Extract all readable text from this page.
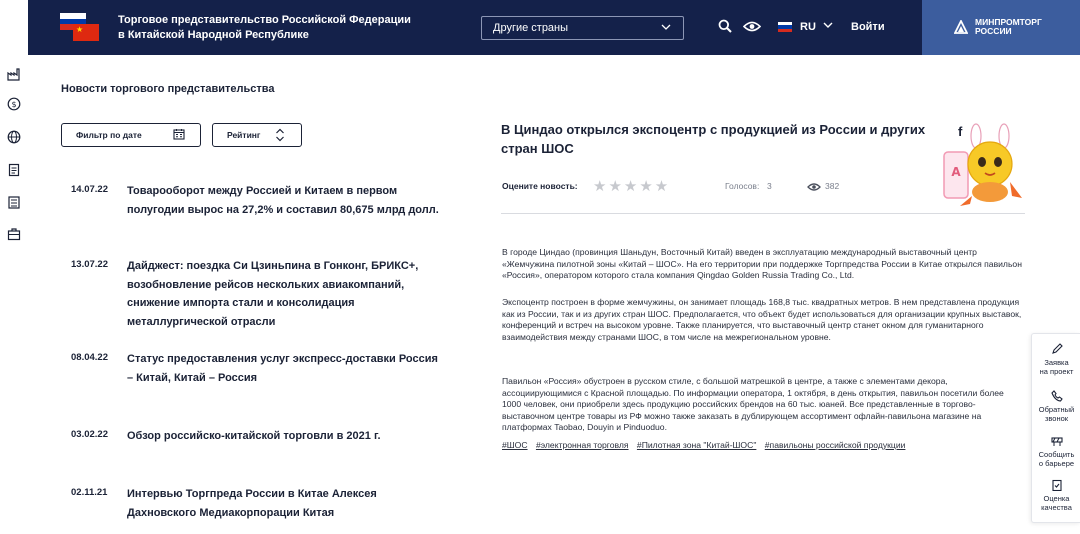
★
Торговое представительство Российской Федерации в Китайской Народной Республике
Другие страны	RU	Войти	МИНПРОМТОРГ
РОССИИ
$
Новости торгового представительства
Фильтр по дате	Рейтинг
14.07.22 Товарооборот между Россией и Китаем в первом полугодии вырос на 27,2% и составил 80,675 млрд долл.
13.07.22 Дайджест: поездка Си Цзиньпина в Гонконг, БРИКС+, возобновление рейсов нескольких авиакомпаний, снижение импорта стали и консолидация металлургической отрасли
08.04.22 Статус предоставления услуг экспресс-доставки Россия – Китай, Китай – Россия
03.02.22 Обзор российско-китайской торговли в 2021 г.
02.11.21 Интервью Торгпреда России в Китае Алексея Дахновского Медиакорпорации Китая
В Циндао открылся экспоцентр с продукцией из России и других стран ШОС
f
A
Оцените новость: ★★★★★	Голосов: 3	382
В городе Циндао (провинция Шаньдун, Восточный Китай) введен в эксплуатацию международный выставочный центр «Жемчужина пилотной зоны «Китай – ШОС». На его территории при поддержке Торгпредства России в Китае открылся павильон «Россия», оператором которого стала компания Qingdao Golden Russia Trading Co., Ltd.
Экспоцентр построен в форме жемчужины, он занимает площадь 168,8 тыс. квадратных метров. В нем представлена продукция как из России, так и из других стран ШОС. Предполагается, что объект будет использоваться для организации крупных выставок, конференций и встреч на высоком уровне. Также планируется, что выставочный центр станет окном для гуманитарного взаимодействия между странами ШОС, в том числе на межрегиональном уровне.
Павильон «Россия» обустроен в русском стиле, с большой матрешкой в центре, а также с элементами декора, ассоциирующимися с Красной площадью. По информации оператора, 1 октября, в день открытия, павильон посетили более 1000 человек, они приобрели здесь продукцию российских брендов на 60 тыс. юаней. Все представленные в торгово-выставочном центре товары из РФ можно также заказать в дублирующем ассортимент офлайн-павильона магазине на платформах Taobao, Douyin и Pinduoduo.
#ШОС #электронная торговля #Пилотная зона "Китай-ШОС" #павильоны российской продукции
Заявка
на проект
Обратный
звонок
Сообщить
о барьере
Оценка
качества
